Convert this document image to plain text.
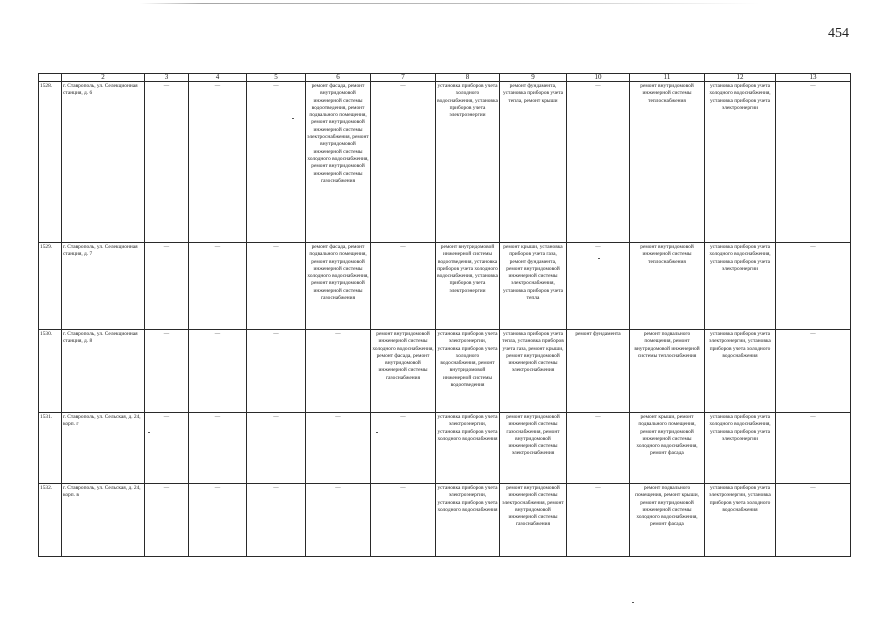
454
	2	3	4	5	6	7	8	9	10	11	12	13
1528.	г. Ставрополь, ул. Селекционная станция, д. 6	—	—	—	ремонт фасада, ремонт внутридомовой инженерной системы водоотведения, ремонт подвального помещения, ремонт внутридомовой инженерной системы электроснабжения, ремонт внутридомовой инженерной системы холодного водоснабжения, ремонт внутридомовой инженерной системы газоснабжения	—	установка приборов учета холодного водоснабжения, установка приборов учета электроэнергии	ремонт фундамента, установка приборов учета тепла, ремонт крыши	—	ремонт внутридомовой инженерной системы теплоснабжения	установка приборов учета холодного водоснабжения, установка приборов учета электроэнергии	—
1529.	г. Ставрополь, ул. Селекционная станция, д. 7	—	—	—	ремонт фасада, ремонт подвального помещения, ремонт внутридомовой инженерной системы холодного водоснабжения, ремонт внутридомовой инженерной системы газоснабжения	—	ремонт внутридомовой инженерной системы водоотведения, установка приборов учета холодного водоснабжения, установка приборов учета электроэнергии	ремонт крыши, установка приборов учета газа, ремонт фундамента, ремонт внутридомовой инженерной системы электроснабжения, установка приборов учета тепла	—	ремонт внутридомовой инженерной системы теплоснабжения	установка приборов учета холодного водоснабжения, установка приборов учета электроэнергии	—
1530.	г. Ставрополь, ул. Селекционная станция, д. 8	—	—	—	—	ремонт внутридомовой инженерной системы холодного водоснабжения, ремонт фасада, ремонт внутридомовой инженерной системы газоснабжения	установка приборов учета электроэнергии, установка приборов учета холодного водоснабжения, ремонт внутридомовой инженерной системы водоотведения	установка приборов учета тепла, установка приборов учета газа, ремонт крыши, ремонт внутридомовой инженерной системы электроснабжения	ремонт фундамента	ремонт подвального помещения, ремонт внутридомовой инженерной системы теплоснабжения	установка приборов учета электроэнергии, установка приборов учета холодного водоснабжения	—
1531.	г. Ставрополь, ул. Сельская, д. 24, корп. г	—	—	—	—	—	установка приборов учета электроэнергии, установка приборов учета холодного водоснабжения	ремонт внутридомовой инженерной системы газоснабжения, ремонт внутридомовой инженерной системы электроснабжения	—	ремонт крыши, ремонт подвального помещения, ремонт внутридомовой инженерной системы холодного водоснабжения, ремонт фасада	установка приборов учета холодного водоснабжения, установка приборов учета электроэнергии	—
1532.	г. Ставрополь, ул. Сельская, д. 24, корп. в	—	—	—	—	—	установка приборов учета электроэнергии, установка приборов учета холодного водоснабжения	ремонт внутридомовой инженерной системы электроснабжения, ремонт внутридомовой инженерной системы газоснабжения	—	ремонт подвального помещения, ремонт крыши, ремонт внутридомовой инженерной системы холодного водоснабжения, ремонт фасада	установка приборов учета электроэнергии, установка приборов учета холодного водоснабжения	—
